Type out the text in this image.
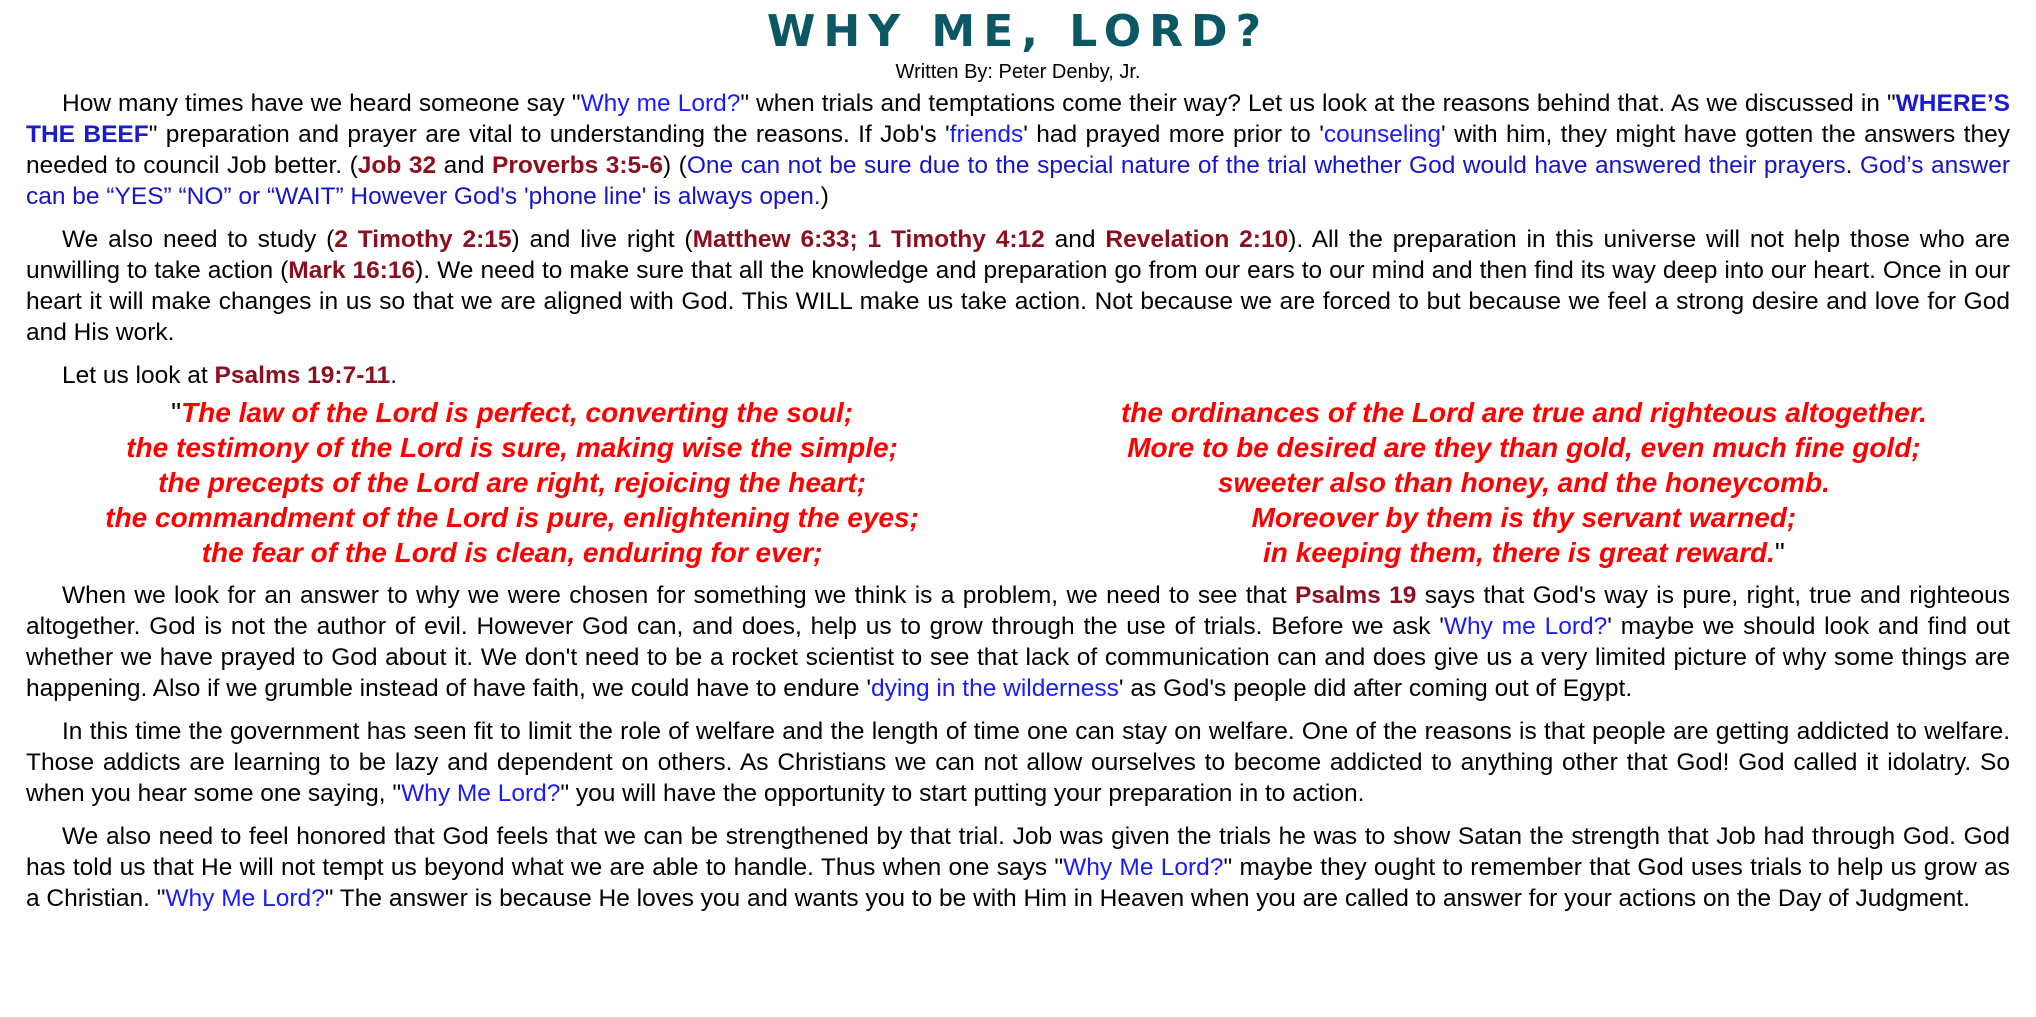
WHY ME, LORD?
Written By: Peter Denby, Jr.

How many times have we heard someone say "Why me Lord?" when trials and temptations come their way? Let us look at the reasons behind that. As we discussed in "WHERE’S THE BEEF" preparation and prayer are vital to understanding the reasons. If Job's 'friends' had prayed more prior to 'counseling' with him, they might have gotten the answers they needed to council Job better. (Job 32 and Proverbs 3:5-6) (One can not be sure due to the special nature of the trial whether God would have answered their prayers. God’s answer can be “YES” “NO” or “WAIT” However God's 'phone line' is always open.)

We also need to study (2 Timothy 2:15) and live right (Matthew 6:33; 1 Timothy 4:12 and Revelation 2:10). All the preparation in this universe will not help those who are unwilling to take action (Mark 16:16). We need to make sure that all the knowledge and preparation go from our ears to our mind and then find its way deep into our heart. Once in our heart it will make changes in us so that we are aligned with God. This WILL make us take action. Not because we are forced to but because we feel a strong desire and love for God and His work.

Let us look at Psalms 19:7-11.

"The law of the Lord is perfect, converting the soul;
the testimony of the Lord is sure, making wise the simple;
the precepts of the Lord are right, rejoicing the heart;
the commandment of the Lord is pure, enlightening the eyes;
the fear of the Lord is clean, enduring for ever;
the ordinances of the Lord are true and righteous altogether.
More to be desired are they than gold, even much fine gold;
sweeter also than honey, and the honeycomb.
Moreover by them is thy servant warned;
in keeping them, there is great reward."

When we look for an answer to why we were chosen for something we think is a problem, we need to see that Psalms 19 says that God's way is pure, right, true and righteous altogether. God is not the author of evil. However God can, and does, help us to grow through the use of trials. Before we ask 'Why me Lord?' maybe we should look and find out whether we have prayed to God about it. We don't need to be a rocket scientist to see that lack of communication can and does give us a very limited picture of why some things are happening. Also if we grumble instead of have faith, we could have to endure 'dying in the wilderness' as God's people did after coming out of Egypt.

In this time the government has seen fit to limit the role of welfare and the length of time one can stay on welfare. One of the reasons is that people are getting addicted to welfare. Those addicts are learning to be lazy and dependent on others. As Christians we can not allow ourselves to become addicted to anything other that God! God called it idolatry. So when you hear some one saying, "Why Me Lord?" you will have the opportunity to start putting your preparation in to action.

We also need to feel honored that God feels that we can be strengthened by that trial. Job was given the trials he was to show Satan the strength that Job had through God. God has told us that He will not tempt us beyond what we are able to handle. Thus when one says "Why Me Lord?" maybe they ought to remember that God uses trials to help us grow as a Christian. "Why Me Lord?" The answer is because He loves you and wants you to be with Him in Heaven when you are called to answer for your actions on the Day of Judgment.
